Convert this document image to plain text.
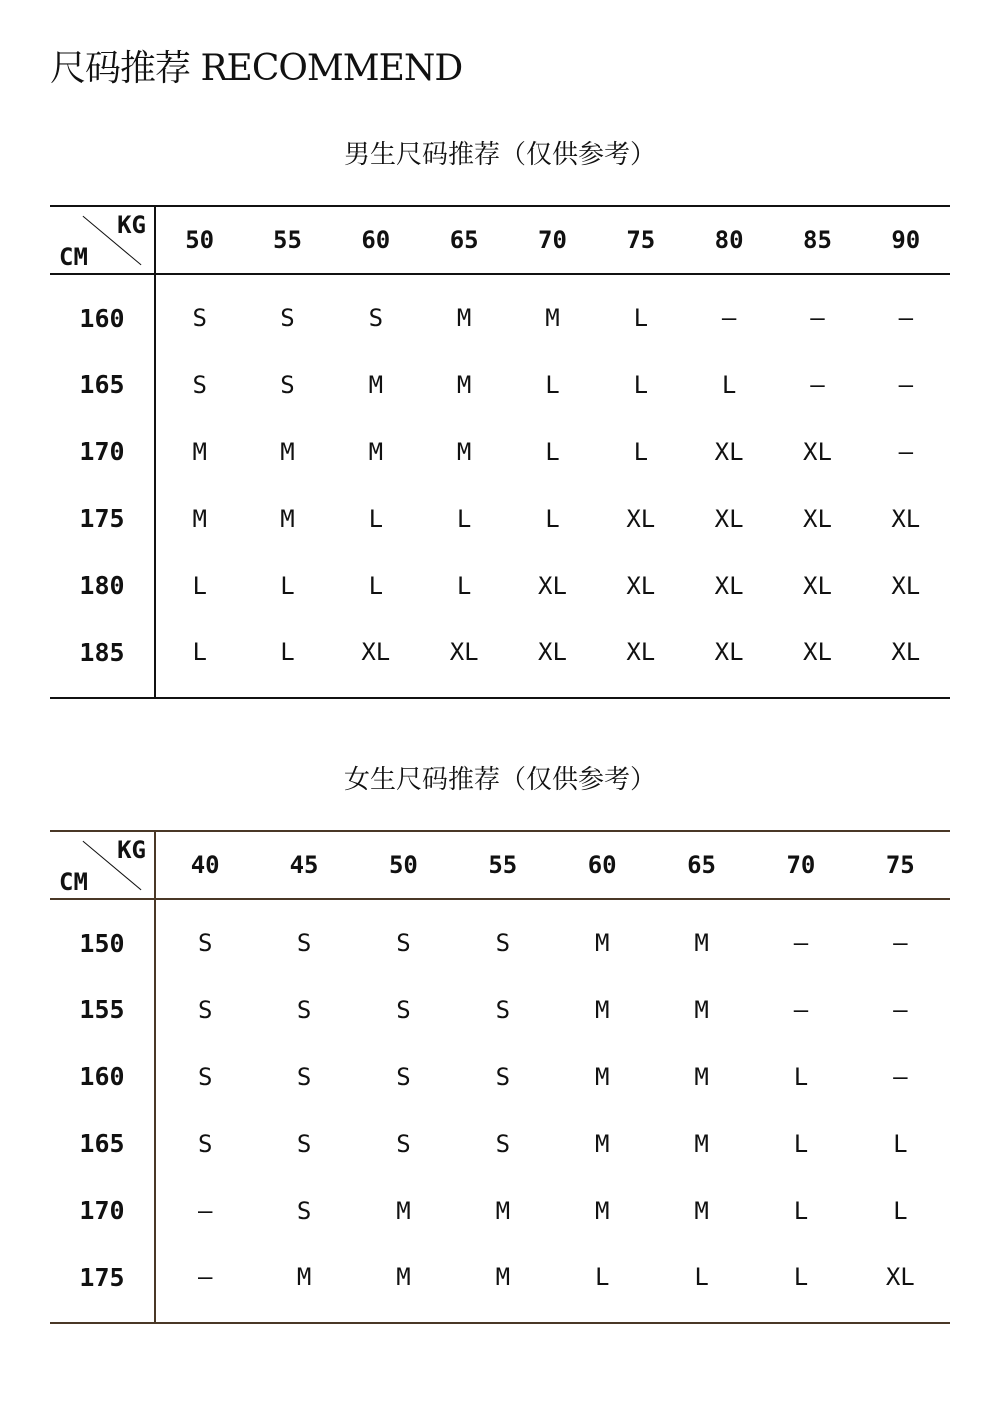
尺码推荐 RECOMMEND
男生尺码推荐（仅供参考）
KG
CM	50	55	60	65	70	75	80	85	90
160	S	S	S	M	M	L	—	—	—
165	S	S	M	M	L	L	L	—	—
170	M	M	M	M	L	L	XL	XL	—
175	M	M	L	L	L	XL	XL	XL	XL
180	L	L	L	L	XL	XL	XL	XL	XL
185	L	L	XL	XL	XL	XL	XL	XL	XL
女生尺码推荐（仅供参考）
KG
CM	40	45	50	55	60	65	70	75
150	S	S	S	S	M	M	—	—
155	S	S	S	S	M	M	—	—
160	S	S	S	S	M	M	L	—
165	S	S	S	S	M	M	L	L
170	—	S	M	M	M	M	L	L
175	—	M	M	M	L	L	L	XL
